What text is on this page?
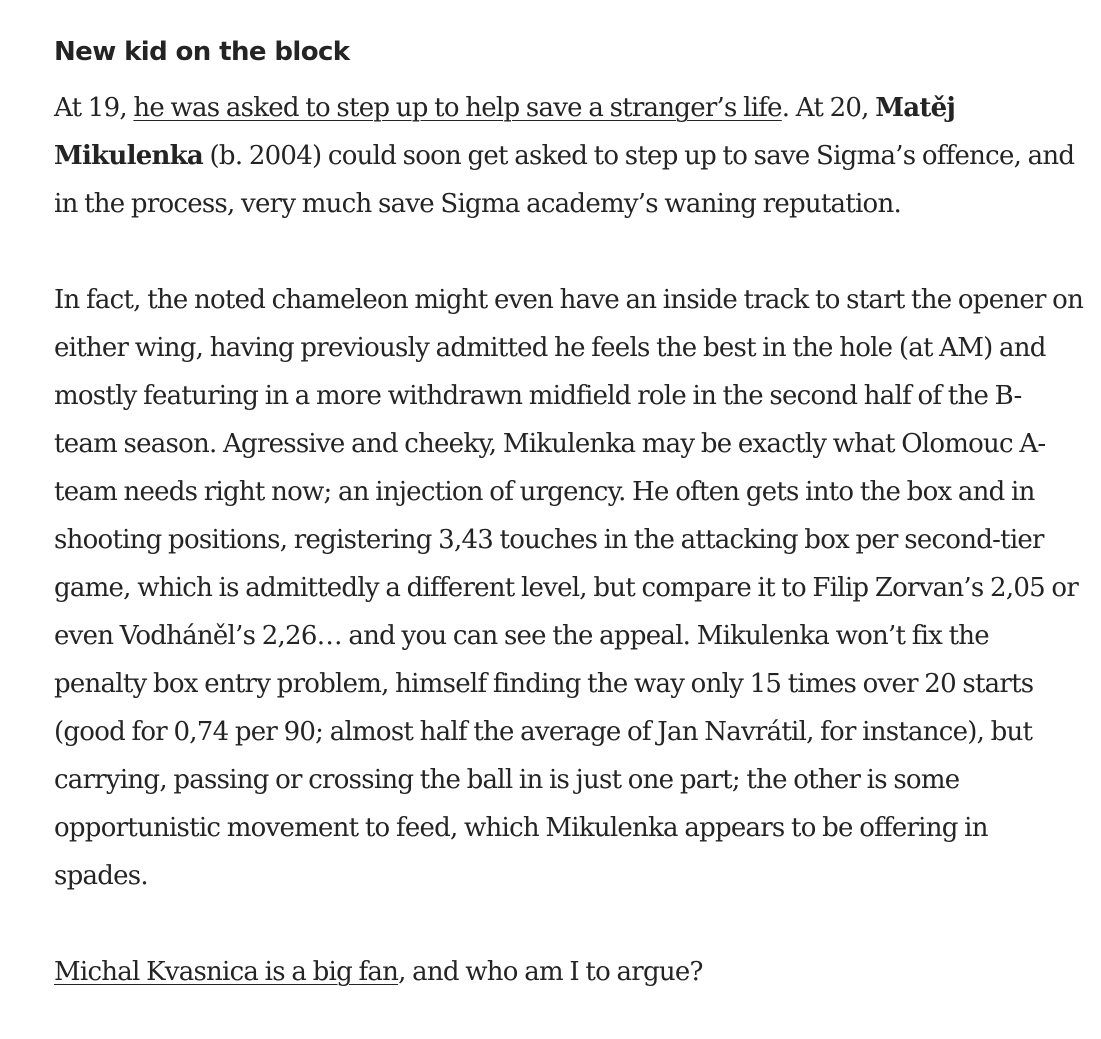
New kid on the block

At 19, he was asked to step up to help save a stranger’s life. At 20, Matěj Mikulenka (b. 2004) could soon get asked to step up to save Sigma’s offence, and in the process, very much save Sigma academy’s waning reputation.

In fact, the noted chameleon might even have an inside track to start the opener on either wing, having previously admitted he feels the best in the hole (at AM) and mostly featuring in a more withdrawn midfield role in the second half of the B-team season. Agressive and cheeky, Mikulenka may be exactly what Olomouc A-team needs right now; an injection of urgency. He often gets into the box and in shooting positions, registering 3,43 touches in the attacking box per second-tier game, which is admittedly a different level, but compare it to Filip Zorvan’s 2,05 or even Vodháněl’s 2,26… and you can see the appeal. Mikulenka won’t fix the penalty box entry problem, himself finding the way only 15 times over 20 starts (good for 0,74 per 90; almost half the average of Jan Navrátil, for instance), but carrying, passing or crossing the ball in is just one part; the other is some opportunistic movement to feed, which Mikulenka appears to be offering in spades.

Michal Kvasnica is a big fan, and who am I to argue?
